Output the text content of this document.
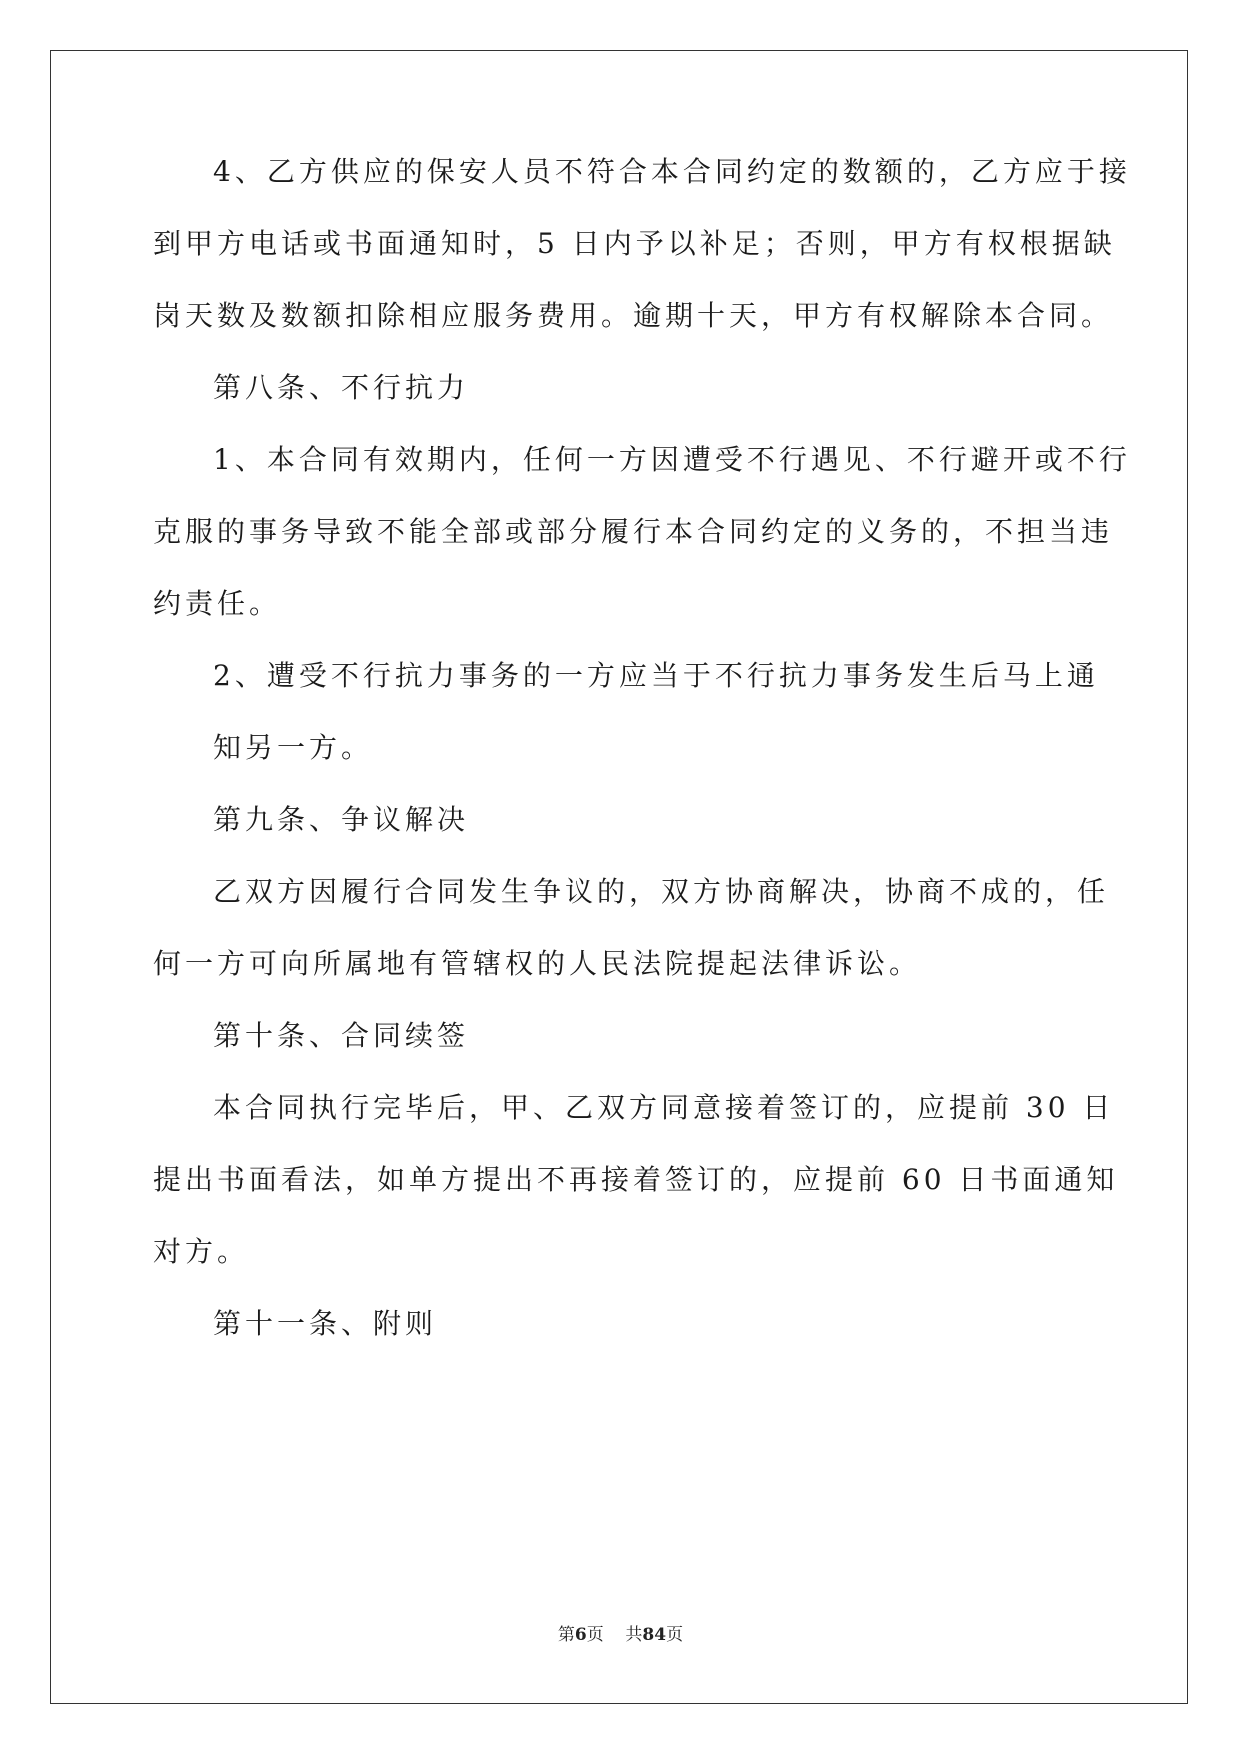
4、乙方供应的保安人员不符合本合同约定的数额的，乙方应于接
到甲方电话或书面通知时，5 日内予以补足；否则，甲方有权根据缺
岗天数及数额扣除相应服务费用。逾期十天，甲方有权解除本合同。
第八条、不行抗力
1、本合同有效期内，任何一方因遭受不行遇见、不行避开或不行
克服的事务导致不能全部或部分履行本合同约定的义务的，不担当违
约责任。
2、遭受不行抗力事务的一方应当于不行抗力事务发生后马上通
知另一方。
第九条、争议解决
乙双方因履行合同发生争议的，双方协商解决，协商不成的，任
何一方可向所属地有管辖权的人民法院提起法律诉讼。
第十条、合同续签
本合同执行完毕后，甲、乙双方同意接着签订的，应提前 30 日
提出书面看法，如单方提出不再接着签订的，应提前 60 日书面通知
对方。
第十一条、附则
第6页 共84页
